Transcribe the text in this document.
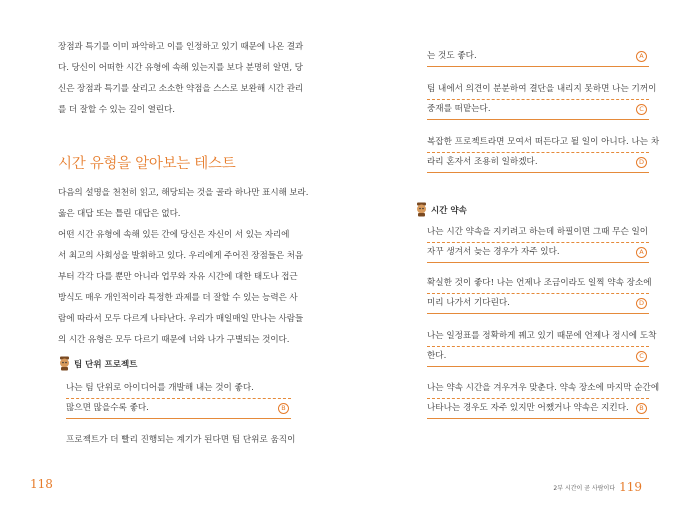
장점과 특기를 이미 파악하고 이를 인정하고 있기 때문에 나온 결과
다. 당신이 어떠한 시간 유형에 속해 있는지를 보다 분명히 알면, 당
신은 장점과 특기를 살리고 소소한 약점을 스스로 보완해 시간 관리
를 더 잘할 수 있는 길이 열린다.
시간 유형을 알아보는 테스트
다음의 설명을 천천히 읽고, 해당되는 것을 골라 하나만 표시해 보라.
옳은 대답 또는 틀린 대답은 없다.
어떤 시간 유형에 속해 있든 간에 당신은 자신이 서 있는 자리에
서 최고의 사회성을 발휘하고 있다. 우리에게 주어진 장점들은 처음
부터 각각 다를 뿐만 아니라 업무와 자유 시간에 대한 태도나 접근
방식도 매우 개인적이라 특정한 과제를 더 잘할 수 있는 능력은 사
람에 따라서 모두 다르게 나타난다. 우리가 매일매일 만나는 사람들
의 시간 유형은 모두 다르기 때문에 너와 나가 구별되는 것이다.
팀 단위 프로젝트
나는 팀 단위로 아이디어를 개발해 내는 것이 좋다.
많으면 많을수록 좋다.	B
프로젝트가 더 빨리 진행되는 계기가 된다면 팀 단위로 움직이
118
는 것도 좋다.	A
팀 내에서 의견이 분분하여 결단을 내리지 못하면 나는 기꺼이
중재를 떠맡는다.	C
복잡한 프로젝트라면 모여서 떠든다고 될 일이 아니다. 나는 차
라리 혼자서 조용히 일하겠다.	D
시간 약속
나는 시간 약속을 지키려고 하는데 하필이면 그때 무슨 일이
자꾸 생겨서 늦는 경우가 자주 있다.	A
확실한 것이 좋다! 나는 언제나 조금이라도 일찍 약속 장소에
미리 나가서 기다린다.	D
나는 일정표를 정확하게 꿰고 있기 때문에 언제나 정시에 도착
한다.	C
나는 약속 시간을 겨우겨우 맞춘다. 약속 장소에 마지막 순간에
나타나는 경우도 자주 있지만 어쨌거나 약속은 지킨다.	B
2부 시간이 곧 사람이다 119
